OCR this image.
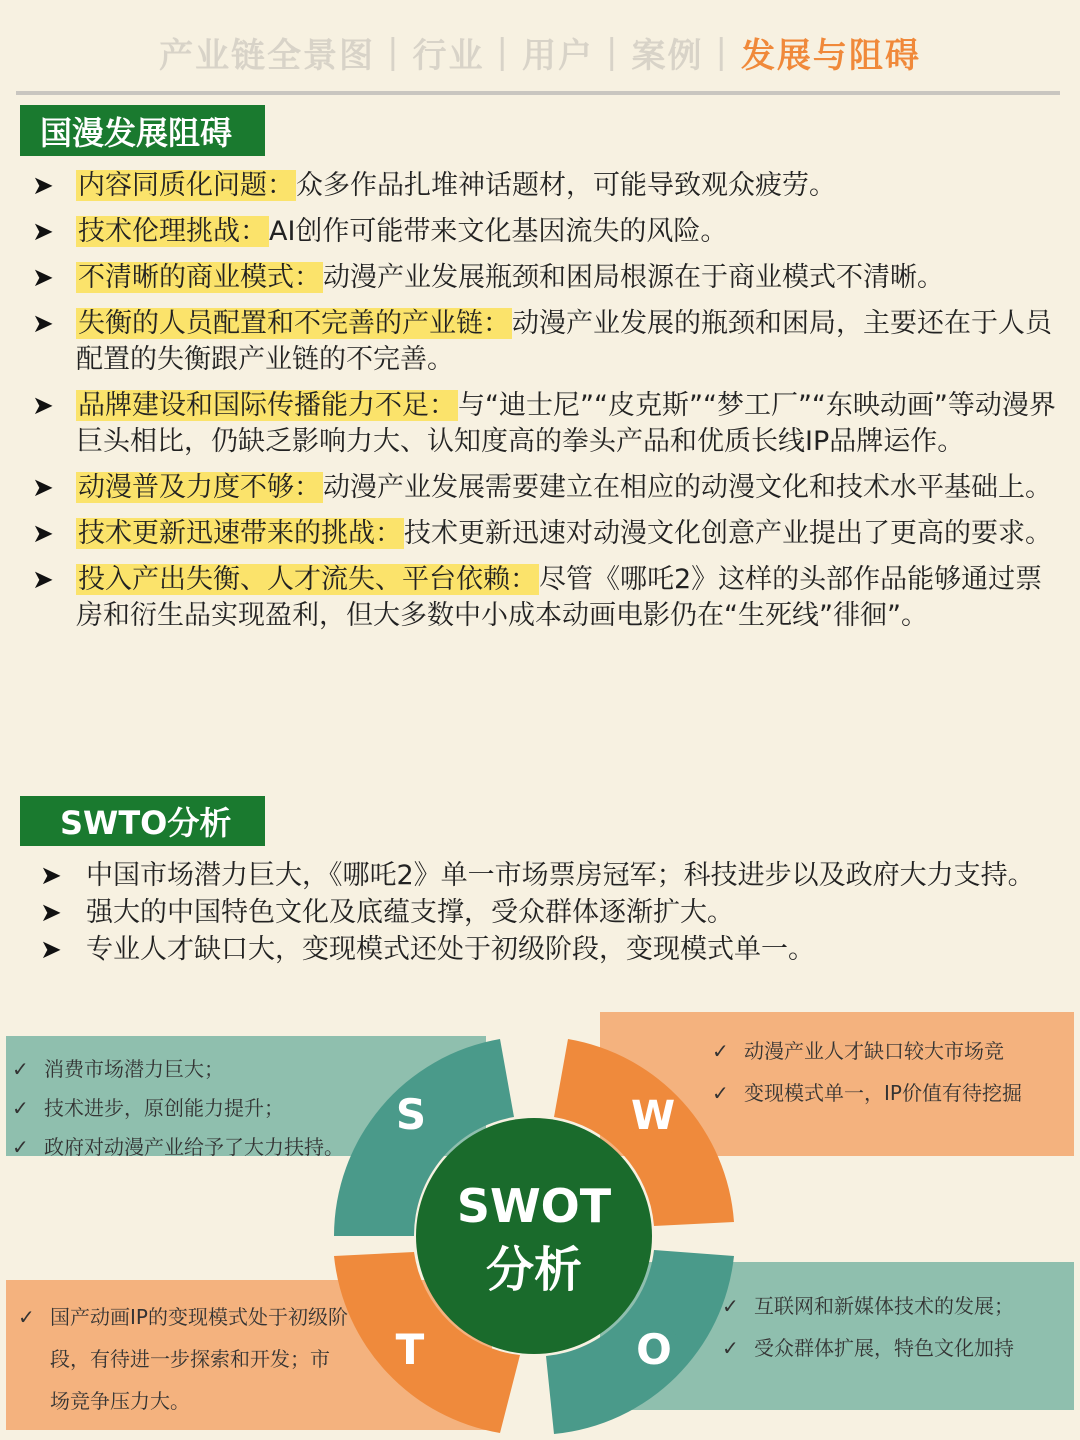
产业链全景图 | 行业 | 用户 | 案例 | 发展与阻碍
国漫发展阻碍
➤ 内容同质化问题：众多作品扎堆神话题材，可能导致观众疲劳。
➤ 技术伦理挑战：AI创作可能带来文化基因流失的风险。
➤ 不清晰的商业模式：动漫产业发展瓶颈和困局根源在于商业模式不清晰。
➤ 失衡的人员配置和不完善的产业链：动漫产业发展的瓶颈和困局，主要还在于人员配置的失衡跟产业链的不完善。
➤ 品牌建设和国际传播能力不足：与“迪士尼”“皮克斯”“梦工厂”“东映动画”等动漫界巨头相比，仍缺乏影响力大、认知度高的拳头产品和优质长线IP品牌运作。
➤ 动漫普及力度不够：动漫产业发展需要建立在相应的动漫文化和技术水平基础上。
➤ 技术更新迅速带来的挑战：技术更新迅速对动漫文化创意产业提出了更高的要求。
➤ 投入产出失衡、人才流失、平台依赖：尽管《哪吒2》这样的头部作品能够通过票房和衍生品实现盈利，但大多数中小成本动画电影仍在“生死线”徘徊”。
SWTO分析
➤ 中国市场潜力巨大，《哪吒2》单一市场票房冠军；科技进步以及政府大力支持。
➤ 强大的中国特色文化及底蕴支撑，受众群体逐渐扩大。
➤ 专业人才缺口大，变现模式还处于初级阶段，变现模式单一。
SWOT
分析
S	W
T	O
✓ 消费市场潜力巨大；
✓ 技术进步，原创能力提升；
✓ 政府对动漫产业给予了大力扶持。
✓ 动漫产业人才缺口较大市场竞
✓ 变现模式单一，IP价值有待挖掘
✓ 国产动画IP的变现模式处于初级阶段，有待进一步探索和开发；市场竞争压力大。
✓ 互联网和新媒体技术的发展；
✓ 受众群体扩展，特色文化加持
